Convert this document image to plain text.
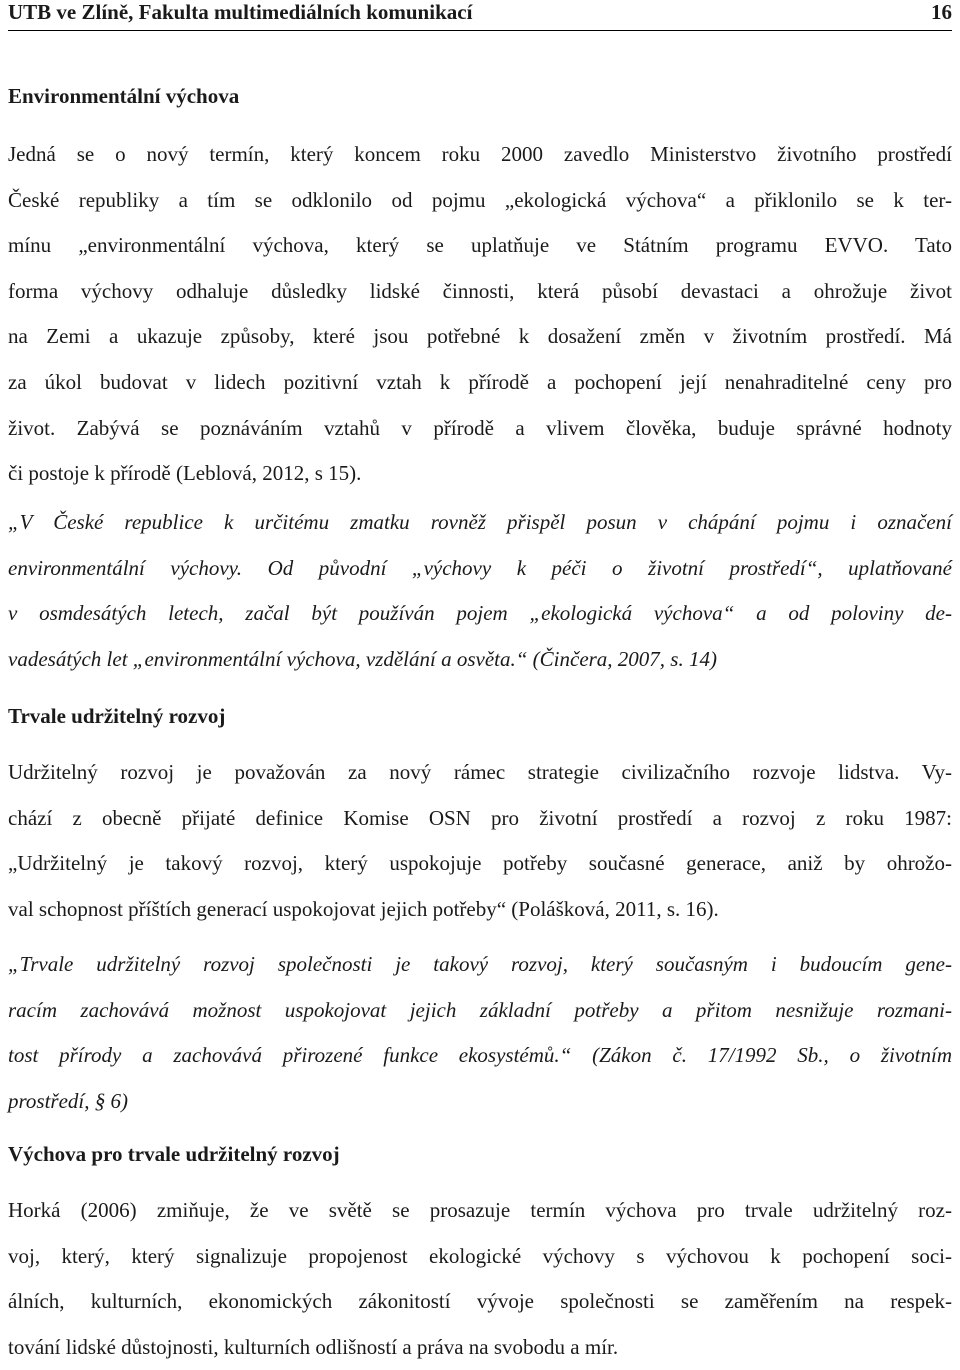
UTB ve Zlíně, Fakulta multimediálních komunikací	16
Environmentální výchova
Jedná se o nový termín, který koncem roku 2000 zavedlo Ministerstvo životního prostředí
České republiky a tím se odklonilo od pojmu „ekologická výchova“ a přiklonilo se k ter-
mínu „environmentální výchova, který se uplatňuje ve Státním programu EVVO. Tato
forma výchovy odhaluje důsledky lidské činnosti, která působí devastaci a ohrožuje život
na Zemi a ukazuje způsoby, které jsou potřebné k dosažení změn v životním prostředí. Má
za úkol budovat v lidech pozitivní vztah k přírodě a pochopení její nenahraditelné ceny pro
život. Zabývá se poznáváním vztahů v přírodě a vlivem člověka, buduje správné hodnoty
či postoje k přírodě (Leblová, 2012, s 15).
„V České republice k určitému zmatku rovněž přispěl posun v chápání pojmu i označení
environmentální výchovy. Od původní „výchovy k péči o životní prostředí“, uplatňované
v osmdesátých letech, začal být používán pojem „ekologická výchova“ a od poloviny de-
vadesátých let „environmentální výchova, vzdělání a osvěta.“ (Činčera, 2007, s. 14)
Trvale udržitelný rozvoj
Udržitelný rozvoj je považován za nový rámec strategie civilizačního rozvoje lidstva. Vy-
chází z obecně přijaté definice Komise OSN pro životní prostředí a rozvoj z roku 1987:
„Udržitelný je takový rozvoj, který uspokojuje potřeby současné generace, aniž by ohrožo-
val schopnost příštích generací uspokojovat jejich potřeby“ (Polášková, 2011, s. 16).
„Trvale udržitelný rozvoj společnosti je takový rozvoj, který současným i budoucím gene-
racím zachovává možnost uspokojovat jejich základní potřeby a přitom nesnižuje rozmani-
tost přírody a zachovává přirozené funkce ekosystémů.“ (Zákon č. 17/1992 Sb., o životním
prostředí, § 6)
Výchova pro trvale udržitelný rozvoj
Horká (2006) zmiňuje, že ve světě se prosazuje termín výchova pro trvale udržitelný roz-
voj, který, který signalizuje propojenost ekologické výchovy s výchovou k pochopení soci-
álních, kulturních, ekonomických zákonitostí vývoje společnosti se zaměřením na respek-
tování lidské důstojnosti, kulturních odlišností a práva na svobodu a mír.
